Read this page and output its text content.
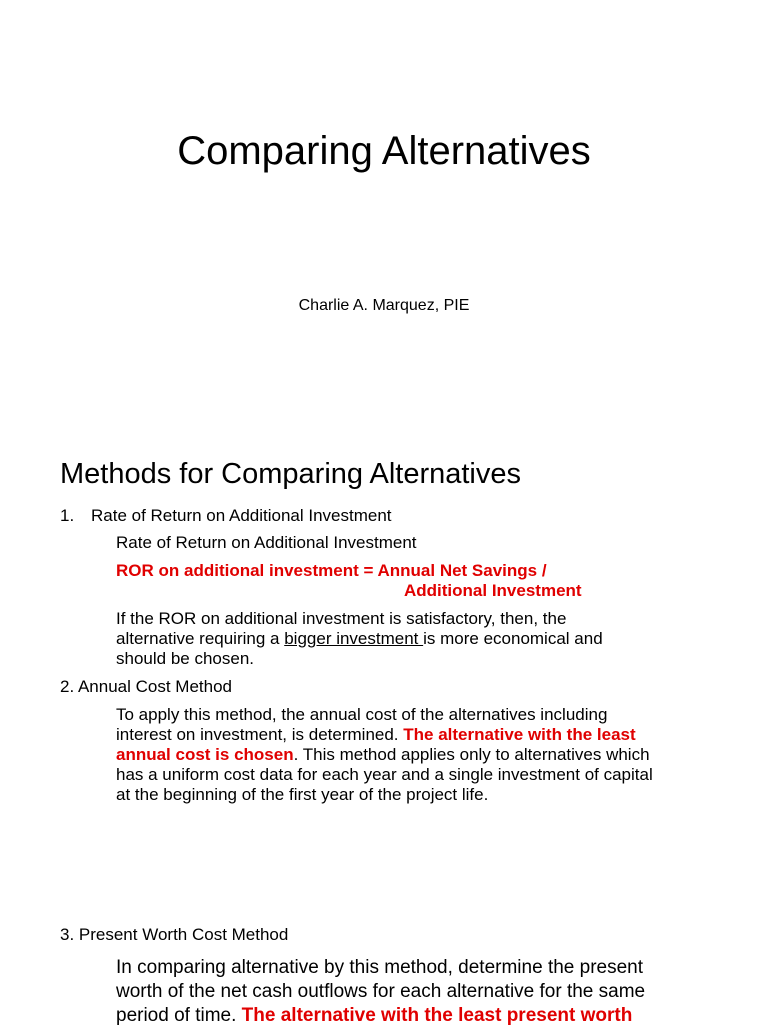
Comparing Alternatives
Charlie A. Marquez, PIE
Methods for Comparing Alternatives
1. Rate of Return on Additional Investment
Rate of Return on Additional Investment
ROR on additional investment = Annual Net Savings /
Additional Investment
If the ROR on additional investment is satisfactory, then, the
alternative requiring a bigger investment is more economical and
should be chosen.
2. Annual Cost Method
To apply this method, the annual cost of the alternatives including
interest on investment, is determined. The alternative with the least
annual cost is chosen. This method applies only to alternatives which
has a uniform cost data for each year and a single investment of capital
at the beginning of the first year of the project life.
3. Present Worth Cost Method
In comparing alternative by this method, determine the present
worth of the net cash outflows for each alternative for the same
period of time. The alternative with the least present worth
